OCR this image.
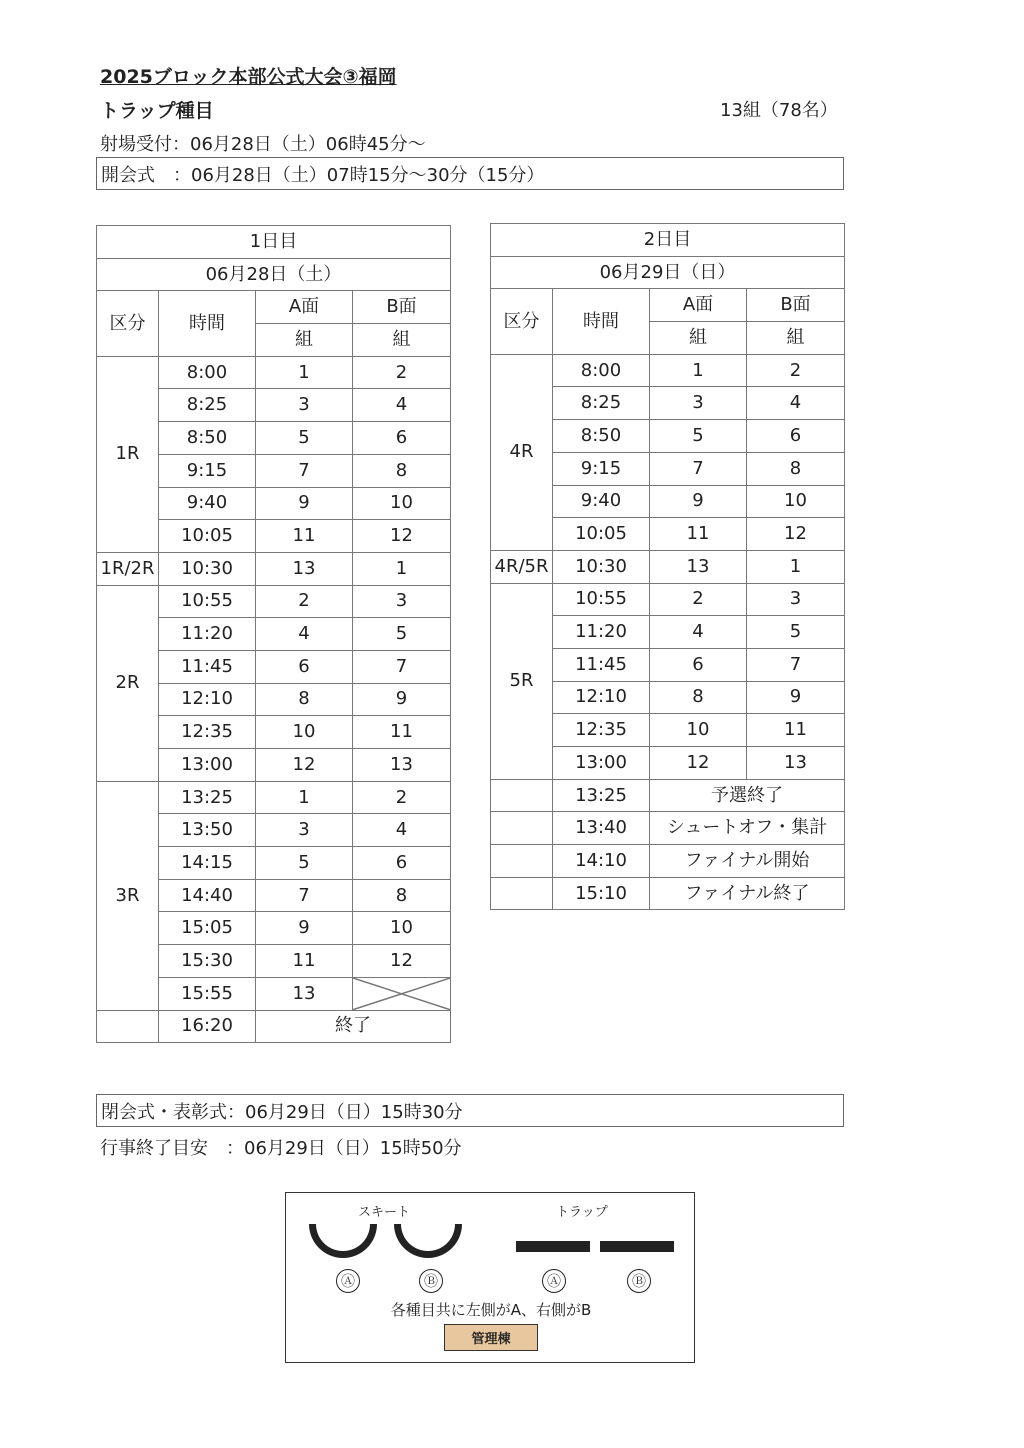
2025ブロック本部公式大会③福岡
トラップ種目	13組（78名）
射場受付：06月28日（土）06時45分～
開会式　：06月28日（土）07時15分～30分（15分）
1日目			
06月28日（土）			
区分	時間	A面	B面
		組	組
1R	8:00	1	2
	8:25	3	4
	8:50	5	6
	9:15	7	8
	9:40	9	10
	10:05	11	12
1R/2R	10:30	13	1
2R	10:55	2	3
	11:20	4	5
	11:45	6	7
	12:10	8	9
	12:35	10	11
	13:00	12	13
3R	13:25	1	2
	13:50	3	4
	14:15	5	6
	14:40	7	8
	15:05	9	10
	15:30	11	12
	15:55	13	

	16:20	終了	
2日目			
06月29日（日）			
区分	時間	A面	B面
		組	組
4R	8:00	1	2
	8:25	3	4
	8:50	5	6
	9:15	7	8
	9:40	9	10
	10:05	11	12
4R/5R	10:30	13	1
5R	10:55	2	3
	11:20	4	5
	11:45	6	7
	12:10	8	9
	12:35	10	11
	13:00	12	13
	13:25	予選終了	
	13:40	シュートオフ・集計	
	14:10	ファイナル開始	
	15:10	ファイナル終了	
閉会式・表彰式：06月29日（日）15時30分
行事終了目安　：06月29日（日）15時50分
スキート	トラップ
Ⓐ	Ⓑ	Ⓐ	Ⓑ
各種目共に左側がA、右側がB
管理棟
